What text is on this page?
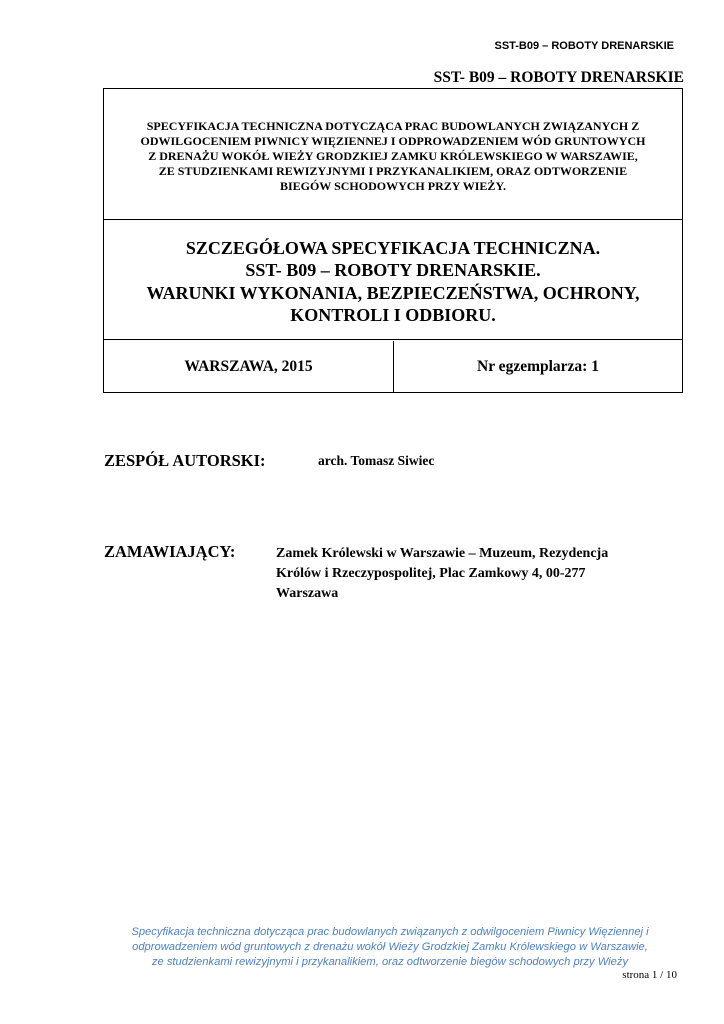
SST-B09 – ROBOTY DRENARSKIE
SST- B09 – ROBOTY DRENARSKIE
SPECYFIKACJA TECHNICZNA DOTYCZĄCA PRAC BUDOWLANYCH ZWIĄZANYCH Z
ODWILGOCENIEM PIWNICY WIĘZIENNEJ I ODPROWADZENIEM WÓD GRUNTOWYCH
Z DRENAŻU WOKÓŁ WIEŻY GRODZKIEJ ZAMKU KRÓLEWSKIEGO W WARSZAWIE,
ZE STUDZIENKAMI REWIZYJNYMI I PRZYKANALIKIEM, ORAZ ODTWORZENIE
BIEGÓW SCHODOWYCH PRZY WIEŻY.
SZCZEGÓŁOWA SPECYFIKACJA TECHNICZNA.
SST- B09 – ROBOTY DRENARSKIE.
WARUNKI WYKONANIA, BEZPIECZEŃSTWA, OCHRONY,
KONTROLI I ODBIORU.
WARSZAWA, 2015	Nr egzemplarza: 1
ZESPÓŁ AUTORSKI:	arch. Tomasz Siwiec
ZAMAWIAJĄCY:	Zamek Królewski w Warszawie – Muzeum, Rezydencja
Królów i Rzeczypospolitej, Plac Zamkowy 4, 00-277
Warszawa
Specyfikacja techniczna dotycząca prac budowlanych związanych z odwilgoceniem Piwnicy Więziennej i
odprowadzeniem wód gruntowych z drenażu wokół Wieży Grodzkiej Zamku Królewskiego w Warszawie,
ze studzienkami rewizyjnymi i przykanalikiem, oraz odtworzenie biegów schodowych przy Wieży
strona 1 / 10
